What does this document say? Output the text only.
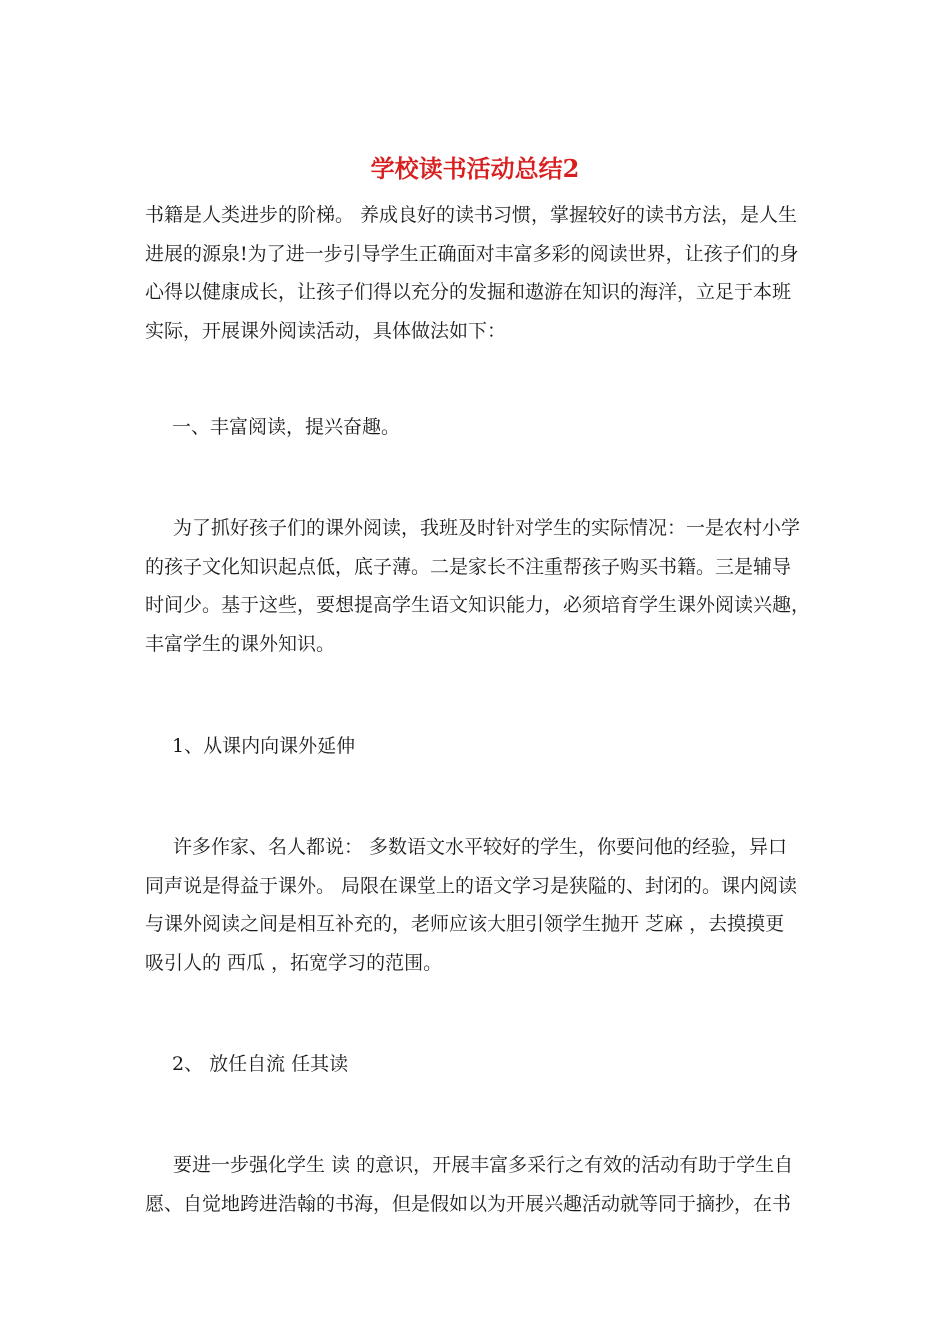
学校读书活动总结2
书籍是人类进步的阶梯。 养成良好的读书习惯，掌握较好的读书方法，是人生
进展的源泉!为了进一步引导学生正确面对丰富多彩的阅读世界，让孩子们的身
心得以健康成长，让孩子们得以充分的发掘和遨游在知识的海洋，立足于本班
实际，开展课外阅读活动，具体做法如下：
一、丰富阅读，提兴奋趣。
为了抓好孩子们的课外阅读，我班及时针对学生的实际情况：一是农村小学
的孩子文化知识起点低，底子薄。二是家长不注重帮孩子购买书籍。三是辅导
时间少。基于这些，要想提高学生语文知识能力，必须培育学生课外阅读兴趣，
丰富学生的课外知识。
1、从课内向课外延伸
许多作家、名人都说： 多数语文水平较好的学生，你要问他的经验，异口
同声说是得益于课外。 局限在课堂上的语文学习是狭隘的、封闭的。课内阅读
与课外阅读之间是相互补充的，老师应该大胆引领学生抛开 芝麻 ，去摸摸更
吸引人的 西瓜 ，拓宽学习的范围。
2、 放任自流 任其读
要进一步强化学生 读 的意识，开展丰富多采行之有效的活动有助于学生自
愿、自觉地跨进浩翰的书海，但是假如以为开展兴趣活动就等同于摘抄，在书
